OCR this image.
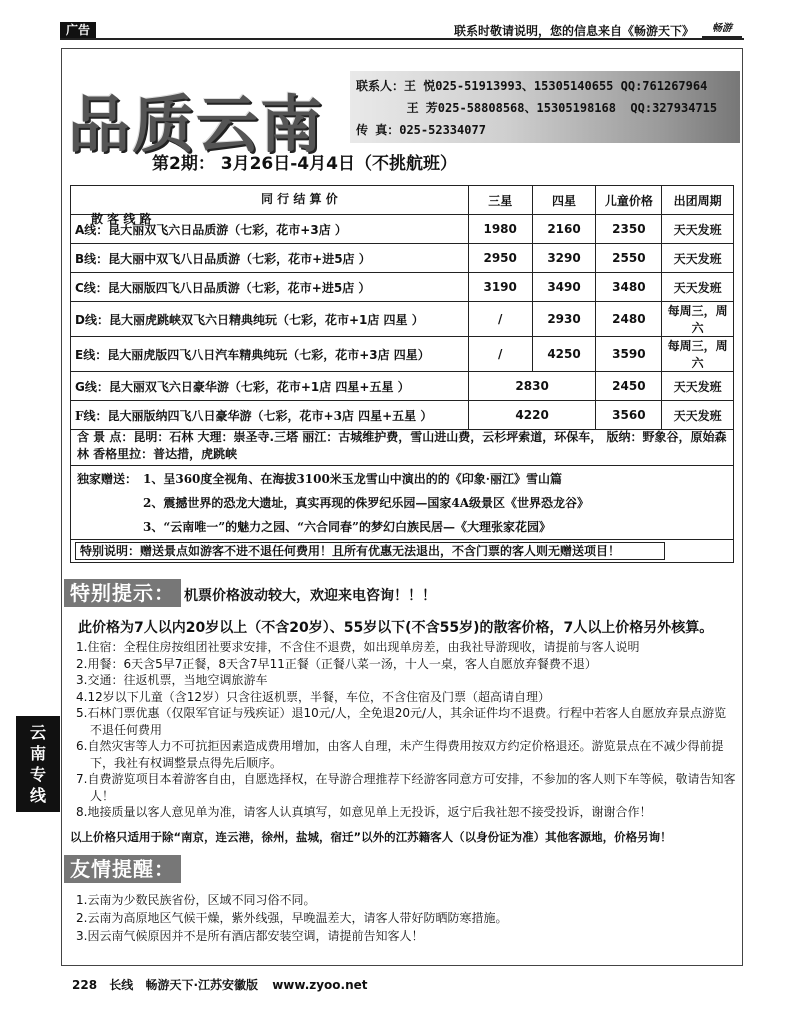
广告	联系时敬请说明，您的信息来自《畅游天下》	畅游
云南专线
品质云南
联系人：王 悦025-51913993、15305140655 QQ:761267964
王 芳025-58808568、15305198168  QQ:327934715
传 真：025-52334077
第2期： 3月26日-4月4日（不挑航班）
同 行 结 算 价
散 客 线 路	三星	四星	儿童价格	出团周期
A线：昆大丽双飞六日品质游（七彩，花市+3店 ）	1980	2160	2350	天天发班
B线：昆大丽中双飞八日品质游（七彩，花市+进5店 ）	2950	3290	2550	天天发班
C线：昆大丽版四飞八日品质游（七彩，花市+进5店 ）	3190	3490	3480	天天发班
D线：昆大丽虎跳峡双飞六日精典纯玩（七彩，花市+1店 四星 ）	/	2930	2480	每周三，周六
E线：昆大丽虎版四飞八日汽车精典纯玩（七彩，花市+3店 四星）	/	4250	3590	每周三，周六
G线：昆大丽双飞六日豪华游（七彩，花市+1店 四星+五星 ）	2830		2450	天天发班
F线：昆大丽版纳四飞八日豪华游（七彩，花市+3店 四星+五星 ）	4220		3560	天天发班
含 景 点：昆明：石林 大理：崇圣寺.三塔 丽江：古城维护费，雪山进山费，云杉坪索道，环保车， 版纳：野象谷，原始森林 香格里拉：普达措，虎跳峡
独家赠送： 1、呈360度全视角、在海拔3100米玉龙雪山中演出的的《印象·丽江》雪山篇
2、震撼世界的恐龙大遗址，真实再现的侏罗纪乐园—国家4A级景区《世界恐龙谷》
3、“云南唯一”的魅力之园、“六合同春”的梦幻白族民居—《大理张家花园》
特别说明：赠送景点如游客不进不退任何费用！且所有优惠无法退出，不含门票的客人则无赠送项目！
特别提示： 机票价格波动较大，欢迎来电咨询！！！
此价格为7人以内20岁以上（不含20岁）、55岁以下(不含55岁)的散客价格，7人以上价格另外核算。
1.住宿：全程住房按组团社要求安排，不含住不退费，如出现单房差，由我社导游现收，请提前与客人说明
2.用餐：6天含5早7正餐，8天含7早11正餐（正餐八菜一汤，十人一桌，客人自愿放弃餐费不退）
3.交通：往返机票，当地空调旅游车
4.12岁以下儿童（含12岁）只含往返机票，半餐，车位，不含住宿及门票（超高请自理）
5.石林门票优惠（仅限军官证与残疾证）退10元/人，全免退20元/人，其余证件均不退费。行程中若客人自愿放弃景点游览不退任何费用
6.自然灾害等人力不可抗拒因素造成费用增加，由客人自理，未产生得费用按双方约定价格退还。游览景点在不减少得前提下，我社有权调整景点得先后顺序。
7.自费游览项目本着游客自由，自愿选择权，在导游合理推荐下经游客同意方可安排，不参加的客人则下车等候，敬请告知客人！
8.地接质量以客人意见单为准，请客人认真填写，如意见单上无投诉，返宁后我社恕不接受投诉，谢谢合作！
以上价格只适用于除“南京，连云港，徐州，盐城，宿迁”以外的江苏籍客人（以身份证为准）其他客源地，价格另询！
友情提醒：
1.云南为少数民族省份，区域不同习俗不同。
2.云南为高原地区气候干燥，紫外线强，早晚温差大，请客人带好防晒防寒措施。
3.因云南气候原因并不是所有酒店都安装空调，请提前告知客人！
228 长线 畅游天下·江苏安徽版 www.zyoo.net
